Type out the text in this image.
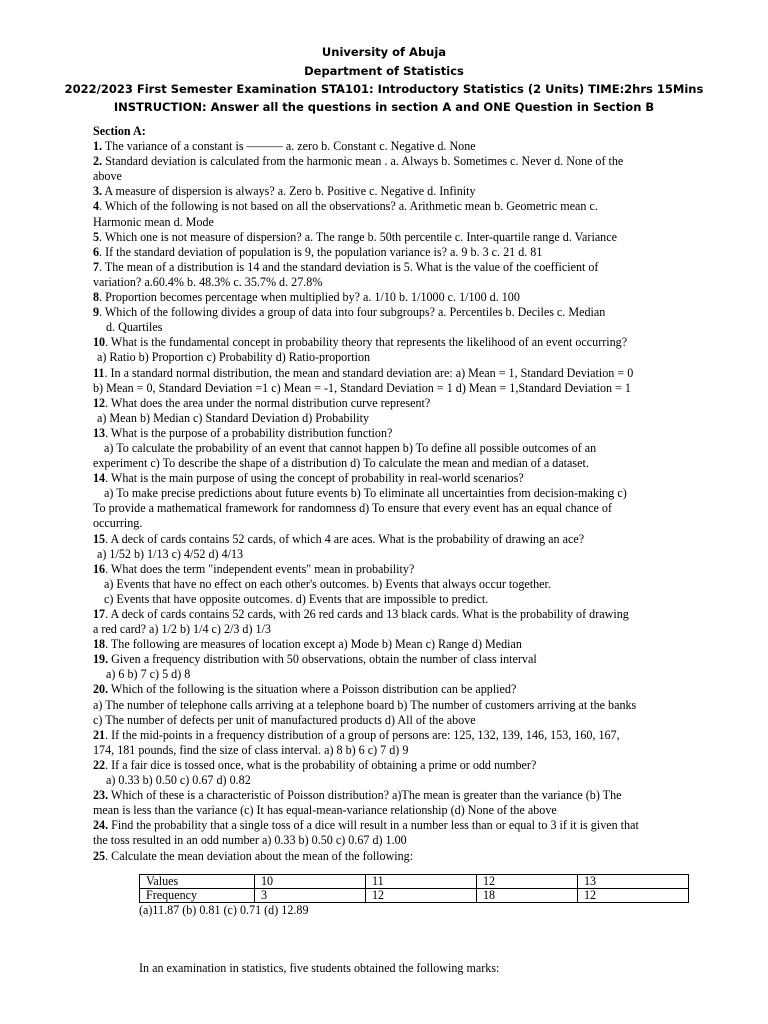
University of Abuja
Department of Statistics
2022/2023 First Semester Examination STA101: Introductory Statistics (2 Units) TIME:2hrs 15Mins
INSTRUCTION: Answer all the questions in section A and ONE Question in Section B
Section A:
1. The variance of a constant is ——— a. zero b. Constant c. Negative d. None
2. Standard deviation is calculated from the harmonic mean . a. Always b. Sometimes c. Never d. None of the
above
3. A measure of dispersion is always? a. Zero b. Positive c. Negative d. Infinity
4. Which of the following is not based on all the observations? a. Arithmetic mean b. Geometric mean c.
Harmonic mean d. Mode
5. Which one is not measure of dispersion? a. The range b. 50th percentile c. Inter-quartile range d. Variance
6. If the standard deviation of population is 9, the population variance is? a. 9 b. 3 c. 21 d. 81
7. The mean of a distribution is 14 and the standard deviation is 5. What is the value of the coefficient of
variation? a.60.4% b. 48.3% c. 35.7% d. 27.8%
8. Proportion becomes percentage when multiplied by? a. 1/10 b. 1/1000 c. 1/100 d. 100
9. Which of the following divides a group of data into four subgroups? a. Percentiles b. Deciles c. Median
d. Quartiles
10. What is the fundamental concept in probability theory that represents the likelihood of an event occurring?
a) Ratio b) Proportion c) Probability d) Ratio-proportion
11. In a standard normal distribution, the mean and standard deviation are: a) Mean = 1, Standard Deviation = 0
b) Mean = 0, Standard Deviation =1 c) Mean = -1, Standard Deviation = 1 d) Mean = 1,Standard Deviation = 1
12. What does the area under the normal distribution curve represent?
a) Mean b) Median c) Standard Deviation d) Probability
13. What is the purpose of a probability distribution function?
a) To calculate the probability of an event that cannot happen b) To define all possible outcomes of an
experiment c) To describe the shape of a distribution d) To calculate the mean and median of a dataset.
14. What is the main purpose of using the concept of probability in real-world scenarios?
a) To make precise predictions about future events b) To eliminate all uncertainties from decision-making c)
To provide a mathematical framework for randomness d) To ensure that every event has an equal chance of
occurring.
15. A deck of cards contains 52 cards, of which 4 are aces. What is the probability of drawing an ace?
a) 1/52 b) 1/13 c) 4/52 d) 4/13
16. What does the term "independent events" mean in probability?
a) Events that have no effect on each other's outcomes. b) Events that always occur together.
c) Events that have opposite outcomes. d) Events that are impossible to predict.
17. A deck of cards contains 52 cards, with 26 red cards and 13 black cards. What is the probability of drawing
a red card? a) 1/2 b) 1/4 c) 2/3 d) 1/3
18. The following are measures of location except a) Mode b) Mean c) Range d) Median
19. Given a frequency distribution with 50 observations, obtain the number of class interval
a) 6 b) 7 c) 5 d) 8
20. Which of the following is the situation where a Poisson distribution can be applied?
a) The number of telephone calls arriving at a telephone board b) The number of customers arriving at the banks
c) The number of defects per unit of manufactured products d) All of the above
21. If the mid-points in a frequency distribution of a group of persons are: 125, 132, 139, 146, 153, 160, 167,
174, 181 pounds, find the size of class interval. a) 8 b) 6 c) 7 d) 9
22. If a fair dice is tossed once, what is the probability of obtaining a prime or odd number?
a) 0.33 b) 0.50 c) 0.67 d) 0.82
23. Which of these is a characteristic of Poisson distribution? a)The mean is greater than the variance (b) The
mean is less than the variance (c) It has equal-mean-variance relationship (d) None of the above
24. Find the probability that a single toss of a dice will result in a number less than or equal to 3 if it is given that
the toss resulted in an odd number a) 0.33 b) 0.50 c) 0.67 d) 1.00
25. Calculate the mean deviation about the mean of the following:
Values	10	11	12	13
Frequency	3	12	18	12
(a)11.87 (b) 0.81 (c) 0.71 (d) 12.89
In an examination in statistics, five students obtained the following marks:
